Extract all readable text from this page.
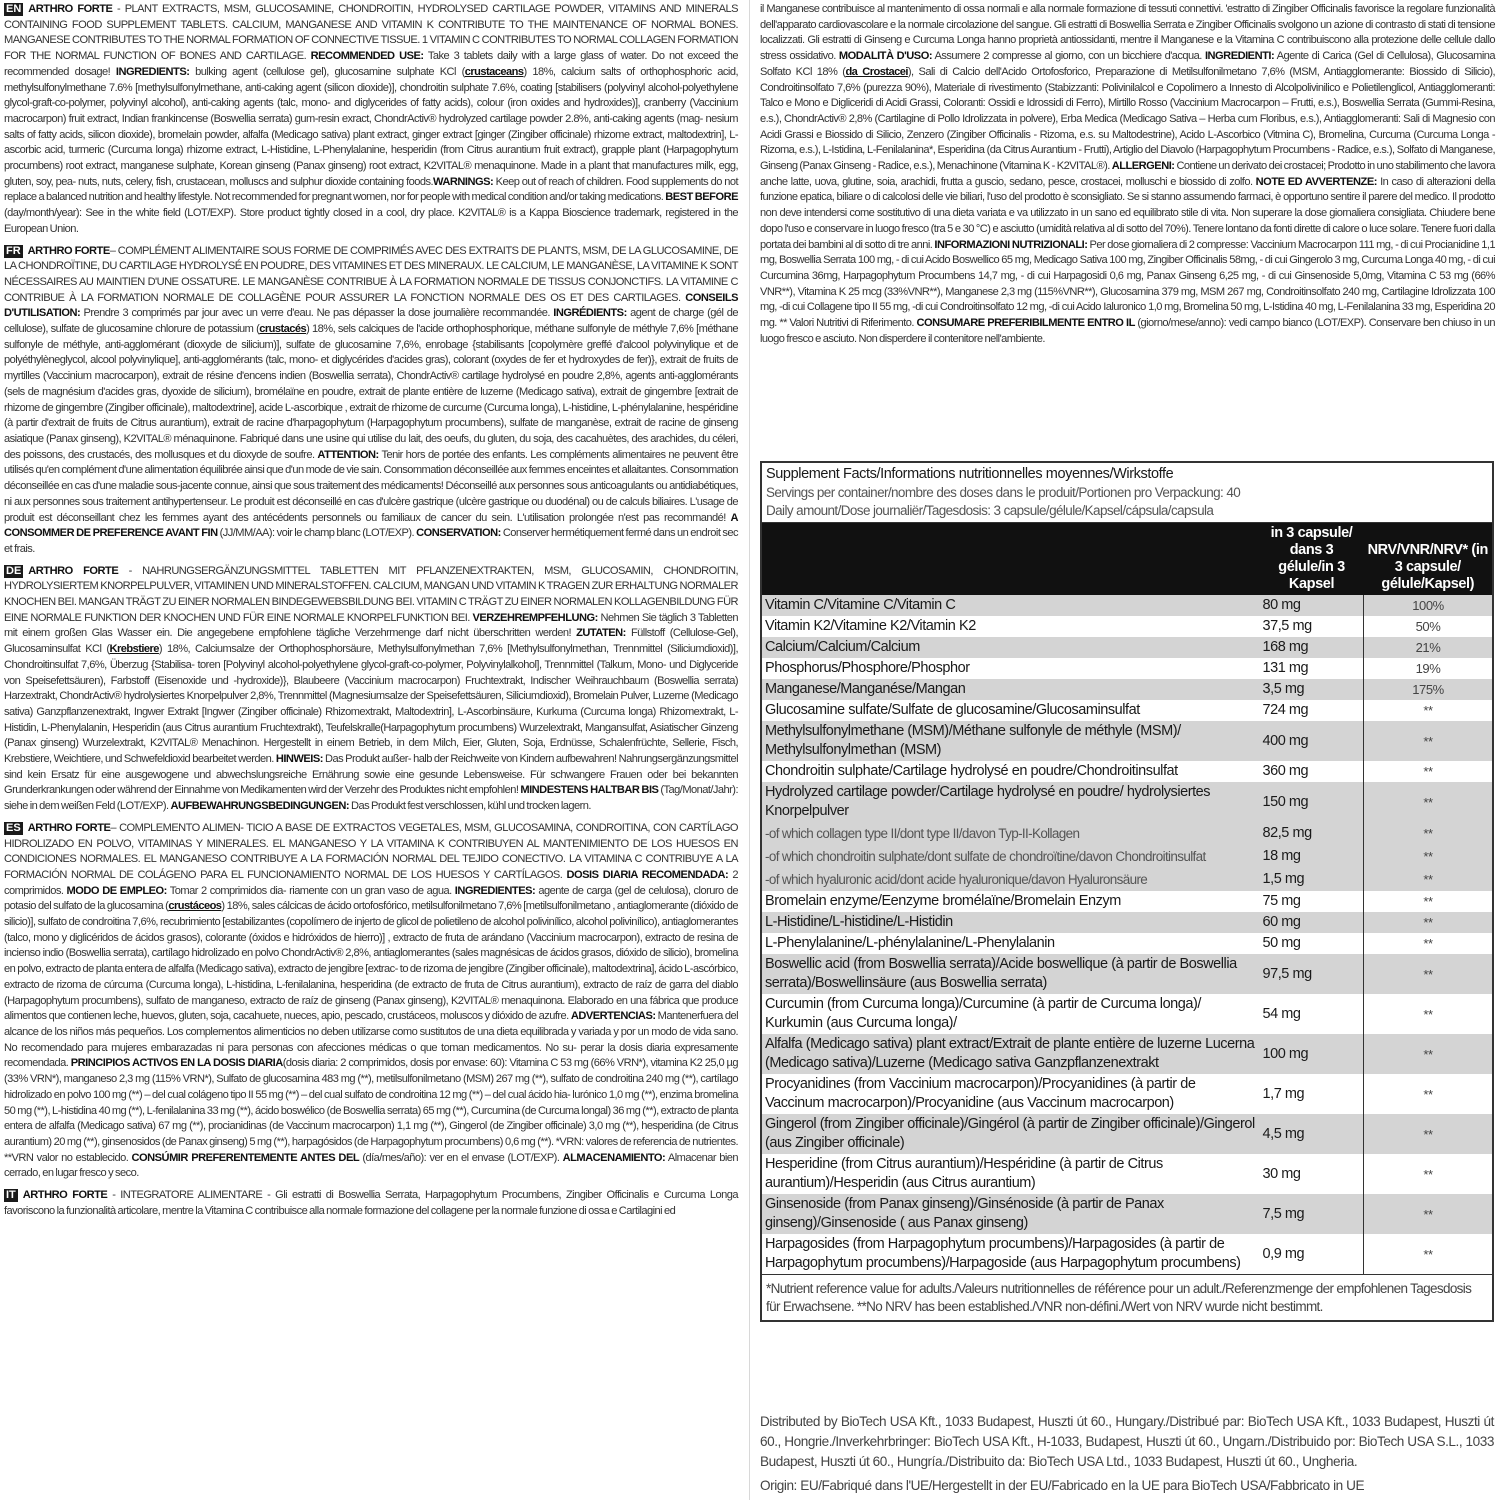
EN ARTHRO FORTE - PLANT EXTRACTS, MSM, GLUCOSAMINE, CHONDROITIN, HYDROLYSED CARTILAGE POWDER, VITAMINS AND MINERALS CONTAINING FOOD SUPPLEMENT TABLETS. CALCIUM, MANGANESE AND VITAMIN K CONTRIBUTE TO THE MAINTENANCE OF NORMAL BONES. MANGANESE CONTRIBUTES TO THE NORMAL FORMATION OF CONNECTIVE TISSUE. 1 VITAMIN C CONTRIBUTES TO NORMAL COLLAGEN FORMATION FOR THE NORMAL FUNCTION OF BONES AND CARTILAGE. RECOMMENDED USE: Take 3 tablets daily with a large glass of water. Do not exceed the recommended dosage! INGREDIENTS: bulking agent (cellulose gel), glucosamine sulphate KCl (crustaceans) 18%, calcium salts of orthophosphoric acid, methylsulfonylmethane 7.6% [methylsulfonylmethane, anti-caking agent (silicon dioxide)], chondroitin sulphate 7.6%, coating [stabilisers (polyvinyl alcohol-polyethylene glycol-graft-co-polymer, polyvinyl alcohol), anti-caking agents (talc, mono- and diglycerides of fatty acids), colour (iron oxides and hydroxides)], cranberry (Vaccinium macrocarpon) fruit extract, Indian frankincense (Boswellia serrata) gum-resin exract, ChondrActiv® hydrolyzed cartilage powder 2.8%, anti-caking agents (mag- nesium salts of fatty acids, silicon dioxide), bromelain powder, alfalfa (Medicago sativa) plant extract, ginger extract [ginger (Zingiber officinale) rhizome extract, maltodextrin], L-ascorbic acid, turmeric (Curcuma longa) rhizome extract, L-Histidine, L-Phenylalanine, hesperidin (from Citrus aurantium fruit extract), grapple plant (Harpagophytum procumbens) root extract, manganese sulphate, Korean ginseng (Panax ginseng) root extract, K2VITAL® menaquinone. Made in a plant that manufactures milk, egg, gluten, soy, pea- nuts, nuts, celery, fish, crustacean, molluscs and sulphur dioxide containing foods.WARNINGS: Keep out of reach of children. Food supplements do not replace a balanced nutrition and healthy lifestyle. Not recommended for pregnant women, nor for people with medical condition and/or taking medications. BEST BEFORE (day/month/year): See in the white field (LOT/EXP). Store product tightly closed in a cool, dry place. K2VITAL® is a Kappa Bioscience trademark, registered in the European Union.
FR ARTHRO FORTE– COMPLÉMENT ALIMENTAIRE SOUS FORME DE COMPRIMÉS AVEC DES EXTRAITS DE PLANTS, MSM, DE LA GLUCOSAMINE, DE LA CHONDROÏTINE, DU CARTILAGE HYDROLYSÉ EN POUDRE, DES VITAMINES ET DES MINERAUX. LE CALCIUM, LE MANGANÈSE, LA VITAMINE K SONT NÉCESSAIRES AU MAINTIEN D'UNE OSSATURE. LE MANGANÈSE CONTRIBUE À LA FORMATION NORMALE DE TISSUS CONJONCTIFS. LA VITAMINE C CONTRIBUE À LA FORMATION NORMALE DE COLLAGÈNE POUR ASSURER LA FONCTION NORMALE DES OS ET DES CARTILAGES. CONSEILS D'UTILISATION: Prendre 3 comprimés par jour avec un verre d'eau. Ne pas dépasser la dose journalière recommandée. INGRÉDIENTS: agent de charge (gél de cellulose), sulfate de glucosamine chlorure de potassium (crustacés) 18%, sels calciques de l'acide orthophosphorique, méthane sulfonyle de méthyle 7,6% [méthane sulfonyle de méthyle, anti-agglomérant (dioxyde de silicium)], sulfate de glucosamine 7,6%, enrobage {stabilisants [copolymère greffé d'alcool polyvinylique et de polyéthylèneglycol, alcool polyvinylique], anti-agglomérants (talc, mono- et diglycérides d'acides gras), colorant (oxydes de fer et hydroxydes de fer)}, extrait de fruits de myrtilles (Vaccinium macrocarpon), extrait de résine d'encens indien (Boswellia serrata), ChondrActiv® cartilage hydrolysé en poudre 2,8%, agents anti-agglomérants (sels de magnésium d'acides gras, dyoxide de silicium), bromélaïne en poudre, extrait de plante entière de luzerne (Medicago sativa), extrait de gingembre [extrait de rhizome de gingembre (Zingiber officinale), maltodextrine], acide L-ascorbique , extrait de rhizome de curcume (Curcuma longa), L-histidine, L-phénylalanine, hespéridine (à partir d'extrait de fruits de Citrus aurantium), extrait de racine d'harpagophytum (Harpagophytum procumbens), sulfate de manganèse, extrait de racine de ginseng asiatique (Panax ginseng), K2VITAL® ménaquinone. Fabriqué dans une usine qui utilise du lait, des oeufs, du gluten, du soja, des cacahuètes, des arachides, du céleri, des poissons, des crustacés, des mollusques et du dioxyde de soufre. ATTENTION: Tenir hors de portée des enfants. Les compléments alimentaires ne peuvent être utilisés qu'en complément d'une alimentation équilibrée ainsi que d'un mode de vie sain. Consommation déconseillée aux femmes enceintes et allaitantes. Consommation déconseillée en cas d'une maladie sous-jacente connue, ainsi que sous traitement des médicaments! Déconseillé aux personnes sous anticoagulants ou antidiabétiques, ni aux personnes sous traitement antihypertenseur. Le produit est déconseillé en cas d'ulcère gastrique (ulcère gastrique ou duodénal) ou de calculs biliaires. L'usage de produit est déconseillant chez les femmes ayant des antécédents personnels ou familiaux de cancer du sein. L'utilisation prolongée n'est pas recommandé! A CONSOMMER DE PREFERENCE AVANT FIN (JJ/MM/AA): voir le champ blanc (LOT/EXP). CONSERVATION: Conserver hermétiquement fermé dans un endroit sec et frais.
DE ARTHRO FORTE - NAHRUNGSERGÄNZUNGSMITTEL TABLETTEN MIT PFLANZENEXTRAKTEN, MSM, GLUCOSAMIN, CHONDROITIN, HYDROLYSIERTEM KNORPELPULVER, VITAMINEN UND MINERALSTOFFEN. CALCIUM, MANGAN UND VITAMIN K TRAGEN ZUR ERHALTUNG NORMALER KNOCHEN BEI. MANGAN TRÄGT ZU EINER NORMALEN BINDEGEWEBSBILDUNG BEI. VITAMIN C TRÄGT ZU EINER NORMALEN KOLLAGENBILDUNG FÜR EINE NORMALE FUNKTION DER KNOCHEN UND FÜR EINE NORMALE KNORPELFUNKTION BEI. VERZEHREMPFEHLUNG: Nehmen Sie täglich 3 Tabletten mit einem großen Glas Wasser ein. Die angegebene empfohlene tägliche Verzehrmenge darf nicht überschritten werden! ZUTATEN: Füllstoff (Cellulose-Gel), Glucosaminsulfat KCl (Krebstiere) 18%, Calciumsalze der Orthophosphorsäure, Methylsulfonylmethan 7,6% [Methylsulfonylmethan, Trennmittel (Siliciumdioxid)], Chondroitinsulfat 7,6%, Überzug {Stabilisa- toren [Polyvinyl alcohol-polyethylene glycol-graft-co-polymer, Polyvinylalkohol], Trennmittel (Talkum, Mono- und Diglyceride von Speisefettsäuren), Farbstoff (Eisenoxide und -hydroxide)}, Blaubeere (Vaccinium macrocarpon) Fruchtextrakt, Indischer Weihrauchbaum (Boswellia serrata) Harzextrakt, ChondrActiv® hydrolysiertes Knorpelpulver 2,8%, Trennmittel (Magnesiumsalze der Speisefettsäuren, Siliciumdioxid), Bromelain Pulver, Luzerne (Medicago sativa) Ganzpflanzenextrakt, Ingwer Extrakt [Ingwer (Zingiber officinale) Rhizomextrakt, Maltodextrin], L-Ascorbinsäure, Kurkuma (Curcuma longa) Rhizomextrakt, L-Histidin, L-Phenylalanin, Hesperidin (aus Citrus aurantium Fruchtextrakt), Teufelskralle(Harpagophytum procumbens) Wurzelextrakt, Mangansulfat, Asiatischer Ginzeng (Panax ginseng) Wurzelextrakt, K2VITAL® Menachinon. Hergestellt in einem Betrieb, in dem Milch, Eier, Gluten, Soja, Erdnüsse, Schalenfrüchte, Sellerie, Fisch, Krebstiere, Weichtiere, und Schwefeldioxid bearbeitet werden. HINWEIS: Das Produkt außer- halb der Reichweite von Kindern aufbewahren! Nahrungsergänzungsmittel sind kein Ersatz für eine ausgewogene und abwechslungsreiche Ernährung sowie eine gesunde Lebensweise. Für schwangere Frauen oder bei bekannten Grunderkrankungen oder während der Einnahme von Medikamenten wird der Verzehr des Produktes nicht empfohlen! MINDESTENS HALTBAR BIS (Tag/Monat/Jahr): siehe in dem weißen Feld (LOT/EXP). AUFBEWAHRUNGSBEDINGUNGEN: Das Produkt fest verschlossen, kühl und trocken lagern.
ES ARTHRO FORTE– COMPLEMENTO ALIMEN- TICIO A BASE DE EXTRACTOS VEGETALES, MSM, GLUCOSAMINA, CONDROITINA, CON CARTÍLAGO HIDROLIZADO EN POLVO, VITAMINAS Y MINERALES. EL MANGANESO Y LA VITAMINA K CONTRIBUYEN AL MANTENIMIENTO DE LOS HUESOS EN CONDICIONES NORMALES. EL MANGANESO CONTRIBUYE A LA FORMACIÓN NORMAL DEL TEJIDO CONECTIVO. LA VITAMINA C CONTRIBUYE A LA FORMACIÓN NORMAL DE COLÁGENO PARA EL FUNCIONAMIENTO NORMAL DE LOS HUESOS Y CARTÍLAGOS. DOSIS DIARIA RECOMENDADA: 2 comprimidos. MODO DE EMPLEO: Tomar 2 comprimidos dia- riamente con un gran vaso de agua. INGREDIENTES: agente de carga (gel de celulosa), cloruro de potasio del sulfato de la glucosamina (crustáceos) 18%, sales cálcicas de ácido ortofosfórico, metilsulfonilmetano 7,6% [metilsulfonilmetano , antiaglomerante (dióxido de silicio)], sulfato de condroitina 7,6%, recubrimiento [estabilizantes (copolímero de injerto de glicol de polietileno de alcohol polivinílico, alcohol polivinílico), antiaglomerantes (talco, mono y diglicéridos de ácidos grasos), colorante (óxidos e hidróxidos de hierro)] , extracto de fruta de arándano (Vaccinium macrocarpon), extracto de resina de incienso indio (Boswellia serrata), cartílago hidrolizado en polvo ChondrActiv® 2,8%, antiaglomerantes (sales magnésicas de ácidos grasos, dióxido de silicio), bromelina en polvo, extracto de planta entera de alfalfa (Medicago sativa), extracto de jengibre [extrac- to de rizoma de jengibre (Zingiber officinale), maltodextrina], ácido L-ascórbico, extracto de rizoma de cúrcuma (Curcuma longa), L-histidina, L-fenilalanina, hesperidina (de extracto de fruta de Citrus aurantium), extracto de raíz de garra del diablo (Harpagophytum procumbens), sulfato de manganeso, extracto de raíz de ginseng (Panax ginseng), K2VITAL® menaquinona. Elaborado en una fábrica que produce alimentos que contienen leche, huevos, gluten, soja, cacahuete, nueces, apio, pescado, crustáceos, moluscos y dióxido de azufre. ADVERTENCIAS: Mantenerfuera del alcance de los niños más pequeños. Los complementos alimenticios no deben utilizarse como sustitutos de una dieta equilibrada y variada y por un modo de vida sano. No recomendado para mujeres embarazadas ni para personas con afecciones médicas o que toman medicamentos. No su- perar la dosis diaria expresamente recomendada. PRINCIPIOS ACTIVOS EN LA DOSIS DIARIA(dosis diaria: 2 comprimidos, dosis por envase: 60): Vitamina C 53 mg (66% VRN*), vitamina K2 25,0 µg (33% VRN*), manganeso 2,3 mg (115% VRN*), Sulfato de glucosamina 483 mg (**), metilsulfonilmetano (MSM) 267 mg (**), sulfato de condroitina 240 mg (**), cartílago hidrolizado en polvo 100 mg (**) – del cual colágeno tipo II 55 mg (**) – del cual sulfato de condroitina 12 mg (**) – del cual ácido hia- lurónico 1,0 mg (**), enzima bromelina 50 mg (**), L-histidina 40 mg (**), L-fenilalanina 33 mg (**), ácido boswélico (de Boswellia serrata) 65 mg (**), Curcumina (de Curcuma longal) 36 mg (**), extracto de planta entera de alfalfa (Medicago sativa) 67 mg (**), procianidinas (de Vaccinum macrocarpon) 1,1 mg (**), Gingerol (de Zingiber officinale) 3,0 mg (**), hesperidina (de Citrus aurantium) 20 mg (**), ginsenosidos (de Panax ginseng) 5 mg (**), harpagósidos (de Harpagophytum procumbens) 0,6 mg (**). *VRN: valores de referencia de nutrientes. **VRN valor no establecido. CONSÚMIR PREFERENTEMENTE ANTES DEL (día/mes/año): ver en el envase (LOT/EXP). ALMACENAMIENTO: Almacenar bien cerrado, en lugar fresco y seco.
IT ARTHRO FORTE - INTEGRATORE ALIMENTARE - Gli estratti di Boswellia Serrata, Harpagophytum Procumbens, Zingiber Officinalis e Curcuma Longa favoriscono la funzionalità articolare, mentre la Vitamina C contribuisce alla normale formazione del collagene per la normale funzione di ossa e Cartilagini ed
il Manganese contribuisce al mantenimento di ossa normali e alla normale formazione di tessuti connettivi. 'estratto di Zingiber Officinalis favorisce la regolare funzionalità dell'apparato cardiovascolare e la normale circolazione del sangue. Gli estratti di Boswellia Serrata e Zingiber Officinalis svolgono un azione di contrasto di stati di tensione localizzati. Gli estratti di Ginseng e Curcuma Longa hanno proprietà antiossidanti, mentre il Manganese e la Vitamina C contribuiscono alla protezione delle cellule dallo stress ossidativo. MODALITÀ D'USO: Assumere 2 compresse al giorno, con un bicchiere d'acqua. INGREDIENTI: Agente di Carica (Gel di Cellulosa), Glucosamina Solfato KCl 18% (da Crostacei), Sali di Calcio dell'Acido Ortofosforico, Preparazione di Metilsulfonilmetano 7,6% (MSM, Antiagglomerante: Biossido di Silicio), Condroitinsolfato 7,6% (purezza 90%), Materiale di rivestimento (Stabizzanti: Polivinilalcol e Copolimero a Innesto di Alcolpolivinilico e Polietilenglicol, Antiagglomeranti: Talco e Mono e Digliceridi di Acidi Grassi, Coloranti: Ossidi e Idrossidi di Ferro), Mirtillo Rosso (Vaccinium Macrocarpon – Frutti, e.s.), Boswellia Serrata (Gummi-Resina, e.s.), ChondrActiv® 2,8% (Cartilagine di Pollo Idrolizzata in polvere), Erba Medica (Medicago Sativa – Herba cum Floribus, e.s.), Antiagglomeranti: Sali di Magnesio con Acidi Grassi e Biossido di Silicio, Zenzero (Zingiber Officinalis - Rizoma, e.s. su Maltodestrine), Acido L-Ascorbico (Vitmina C), Bromelina, Curcuma (Curcuma Longa - Rizoma, e.s.), L-Istidina, L-Fenilalanina*, Esperidina (da Citrus Aurantium - Frutti), Artiglio del Diavolo (Harpagophytum Procumbens - Radice, e.s.), Solfato di Manganese, Ginseng (Panax Ginseng - Radice, e.s.), Menachinone (Vitamina K - K2VITAL®). ALLERGENI: Contiene un derivato dei crostacei; Prodotto in uno stabilimento che lavora anche latte, uova, glutine, soia, arachidi, frutta a guscio, sedano, pesce, crostacei, molluschi e biossido di zolfo. NOTE ED AVVERTENZE: In caso di alterazioni della funzione epatica, biliare o di calcolosi delle vie biliari, l'uso del prodotto è sconsigliato. Se si stanno assumendo farmaci, è opportuno sentire il parere del medico. Il prodotto non deve intendersi come sostitutivo di una dieta variata e va utilizzato in un sano ed equilibrato stile di vita. Non superare la dose giornaliera consigliata. Chiudere bene dopo l'uso e conservare in luogo fresco (tra 5 e 30 °C) e asciutto (umidità relativa al di sotto del 70%). Tenere lontano da fonti dirette di calore o luce solare. Tenere fuori dalla portata dei bambini al di sotto di tre anni. INFORMAZIONI NUTRIZIONALI: Per dose giornaliera di 2 compresse: Vaccinium Macrocarpon 111 mg, - di cui Procianidine 1,1 mg, Boswellia Serrata 100 mg, - di cui Acido Boswellico 65 mg, Medicago Sativa 100 mg, Zingiber Officinalis 58mg, - di cui Gingerolo 3 mg, Curcuma Longa 40 mg, - di cui Curcumina 36mg, Harpagophytum Procumbens 14,7 mg, - di cui Harpagosidi 0,6 mg, Panax Ginseng 6,25 mg, - di cui Ginsenoside 5,0mg, Vitamina C 53 mg (66% VNR**), Vitamina K 25 mcg (33%VNR**), Manganese 2,3 mg (115%VNR**), Glucosamina 379 mg, MSM 267 mg, Condroitinsolfato 240 mg, Cartilagine Idrolizzata 100 mg, -di cui Collagene tipo II 55 mg, -di cui Condroitinsolfato 12 mg, -di cui Acido Ialuronico 1,0 mg, Bromelina 50 mg, L-Istidina 40 mg, L-Fenilalanina 33 mg, Esperidina 20 mg. ** Valori Nutritivi di Riferimento. CONSUMARE PREFERIBILMENTE ENTRO IL (giorno/mese/anno): vedi campo bianco (LOT/EXP). Conservare ben chiuso in un luogo fresco e asciuto. Non disperdere il contenitore nell'ambiente.
Supplement Facts/Informations nutritionnelles moyennes/Wirkstoffe
Servings per container/nombre des doses dans le produit/Portionen pro Verpackung: 40
Daily amount/Dose journaliër/Tagesdosis: 3 capsule/gélule/Kapsel/cápsula/capsula
	in 3 capsule/ dans 3 gélule/in 3 Kapsel	NRV/VNR/NRV* (in 3 capsule/ gélule/Kapsel)
Vitamin C/Vitamine C/Vitamin C	80 mg	100%
Vitamin K2/Vitamine K2/Vitamin K2	37,5 mg	50%
Calcium/Calcium/Calcium	168 mg	21%
Phosphorus/Phosphore/Phosphor	131 mg	19%
Manganese/Manganése/Mangan	3,5 mg	175%
Glucosamine sulfate/Sulfate de glucosamine/Glucosaminsulfat	724 mg	**
Methylsulfonylmethane (MSM)/Méthane sulfonyle de méthyle (MSM)/ Methylsulfonylmethan (MSM)	400 mg	**
Chondroitin sulphate/Cartilage hydrolysé en poudre/Chondroitinsulfat	360 mg	**
Hydrolyzed cartilage powder/Cartilage hydrolysé en poudre/ hydrolysiertes Knorpelpulver	150 mg	**
-of which collagen type II/dont type II/davon Typ-II-Kollagen	82,5 mg	**
-of which chondroitin sulphate/dont sulfate de chondroïtine/davon Chondroitinsulfat	18 mg	**
-of which hyaluronic acid/dont acide hyaluronique/davon Hyaluronsäure	1,5 mg	**
Bromelain enzyme/Eenzyme bromélaïne/Bromelain Enzym	75 mg	**
L-Histidine/L-histidine/L-Histidin	60 mg	**
L-Phenylalanine/L-phénylalanine/L-Phenylalanin	50 mg	**
Boswellic acid (from Boswellia serrata)/Acide boswellique (à partir de Boswellia serrata)/Boswellinsäure (aus Boswellia serrata)	97,5 mg	**
Curcumin (from Curcuma longa)/Curcumine (à partir de Curcuma longa)/ Kurkumin (aus Curcuma longa)/	54 mg	**
Alfalfa (Medicago sativa) plant extract/Extrait de plante entière de luzerne Lucerna (Medicago sativa)/Luzerne (Medicago sativa Ganzpflanzenextrakt	100 mg	**
Procyanidines (from Vaccinium macrocarpon)/Procyanidines (à partir de Vaccinum macrocarpon)/Procyanidine (aus Vaccinum macrocarpon)	1,7 mg	**
Gingerol (from Zingiber officinale)/Gingérol (à partir de Zingiber officinale)/Gingerol (aus Zingiber officinale)	4,5 mg	**
Hesperidine (from Citrus aurantium)/Hespéridine (à partir de Citrus aurantium)/Hesperidin (aus Citrus aurantium)	30 mg	**
Ginsenoside (from Panax ginseng)/Ginsénoside (à partir de Panax ginseng)/Ginsenoside ( aus Panax ginseng)	7,5 mg	**
Harpagosides (from Harpagophytum procumbens)/Harpagosides (à partir de Harpagophytum procumbens)/Harpagoside (aus Harpagophytum procumbens)	0,9 mg	**
*Nutrient reference value for adults./Valeurs nutritionnelles de référence pour un adult./Referenzmenge der empfohlenen Tagesdosis für Erwachsene. **No NRV has been established./VNR non-défini./Wert von NRV wurde nicht bestimmt.
Distributed by BioTech USA Kft., 1033 Budapest, Huszti út 60., Hungary./Distribué par: BioTech USA Kft., 1033 Budapest, Huszti út 60., Hongrie./Inverkehrbringer: BioTech USA Kft., H-1033, Budapest, Huszti út 60., Ungarn./Distribuido por: BioTech USA S.L., 1033 Budapest, Huszti út 60., Hungría./Distribuito da: BioTech USA Ltd., 1033 Budapest, Huszti út 60., Ungheria.
Origin: EU/Fabriqué dans l'UE/Hergestellt in der EU/Fabricado en la UE para BioTech USA/Fabbricato in UE
